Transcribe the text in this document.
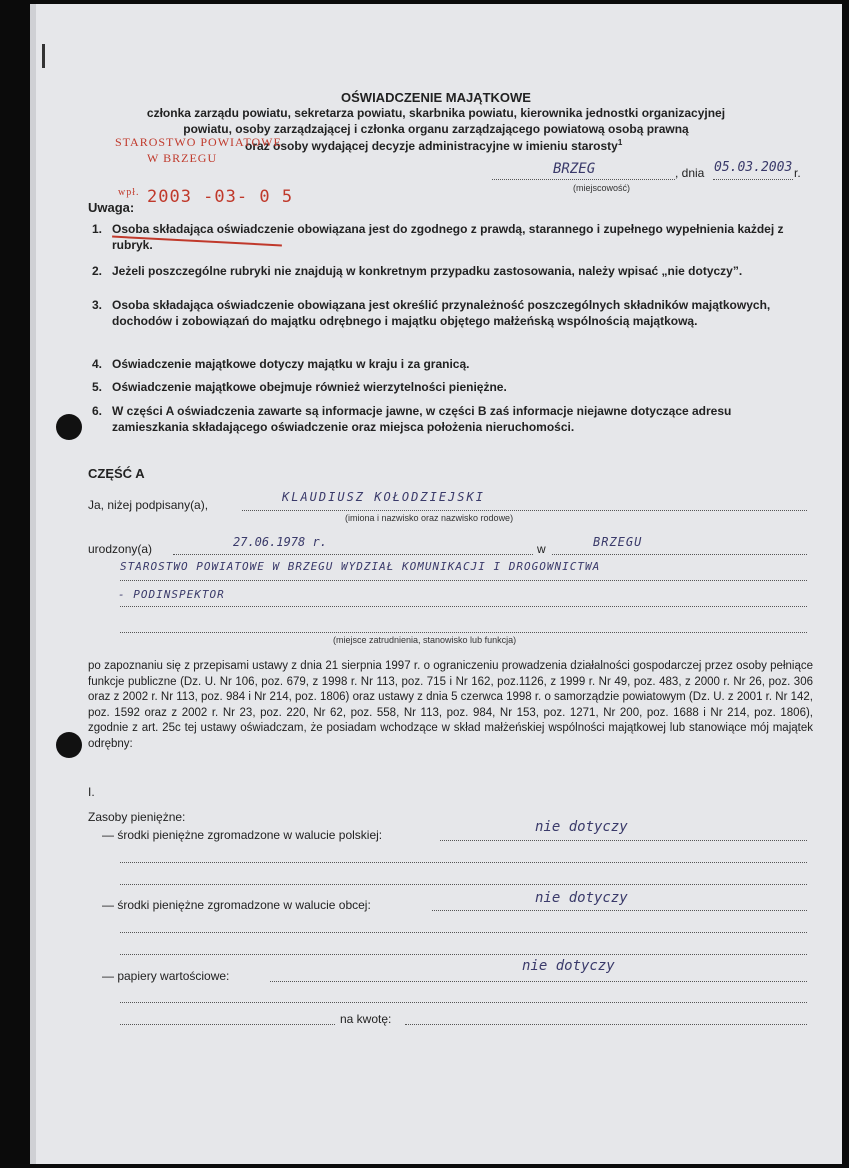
OŚWIADCZENIE MAJĄTKOWE
członka zarządu powiatu, sekretarza powiatu, skarbnika powiatu, kierownika jednostki organizacyjnej
powiatu, osoby zarządzającej i członka organu zarządzającego powiatową osobą prawną
oraz osoby wydającej decyzje administracyjne w imieniu starosty$^1$
STAROSTWO POWIATOWE
W BRZEGU
wpł. 2003 -03- 0 5
BRZEG	, dnia 05.03.2003 r.
(miejscowość)
Uwaga:
1. Osoba składająca oświadczenie obowiązana jest do zgodnego z prawdą, starannego i zupełnego wypełnienia każdej z rubryk.
2. Jeżeli poszczególne rubryki nie znajdują w konkretnym przypadku zastosowania, należy wpisać „nie dotyczy”.
3. Osoba składająca oświadczenie obowiązana jest określić przynależność poszczególnych składników majątkowych, dochodów i zobowiązań do majątku odrębnego i majątku objętego małżeńską wspólnością majątkową.
4. Oświadczenie majątkowe dotyczy majątku w kraju i za granicą.
5. Oświadczenie majątkowe obejmuje również wierzytelności pieniężne.
6. W części A oświadczenia zawarte są informacje jawne, w części B zaś informacje niejawne dotyczące adresu zamieszkania składającego oświadczenie oraz miejsca położenia nieruchomości.
CZĘŚĆ A
Ja, niżej podpisany(a),
KLAUDIUSZ KOŁODZIEJSKI
(imiona i nazwisko oraz nazwisko rodowe)
urodzony(a)	27.06.1978 r.	w	BRZEGU
STAROSTWO POWIATOWE W BRZEGU WYDZIAŁ KOMUNIKACJI I DROGOWNICTWA
- PODINSPEKTOR
(miejsce zatrudnienia, stanowisko lub funkcja)
po zapoznaniu się z przepisami ustawy z dnia 21 sierpnia 1997 r. o ograniczeniu prowadzenia działalności gospodarczej przez osoby pełniące funkcje publiczne (Dz. U. Nr 106, poz. 679, z 1998 r. Nr 113, poz. 715 i Nr 162, poz.1126, z 1999 r. Nr 49, poz. 483, z 2000 r. Nr 26, poz. 306 oraz z 2002 r. Nr 113, poz. 984 i Nr 214, poz. 1806) oraz ustawy z dnia 5 czerwca 1998 r. o samorządzie powiatowym (Dz. U. z 2001 r. Nr 142, poz. 1592 oraz z 2002 r. Nr 23, poz. 220, Nr 62, poz. 558, Nr 113, poz. 984, Nr 153, poz. 1271, Nr 200, poz. 1688 i Nr 214, poz. 1806), zgodnie z art. 25c tej ustawy oświadczam, że posiadam wchodzące w skład małżeńskiej wspólności majątkowej lub stanowiące mój majątek odrębny:
I.
Zasoby pieniężne:
— środki pieniężne zgromadzone w walucie polskiej:	nie dotyczy
— środki pieniężne zgromadzone w walucie obcej:	nie dotyczy
— papiery wartościowe:
nie dotyczy
na kwotę:
